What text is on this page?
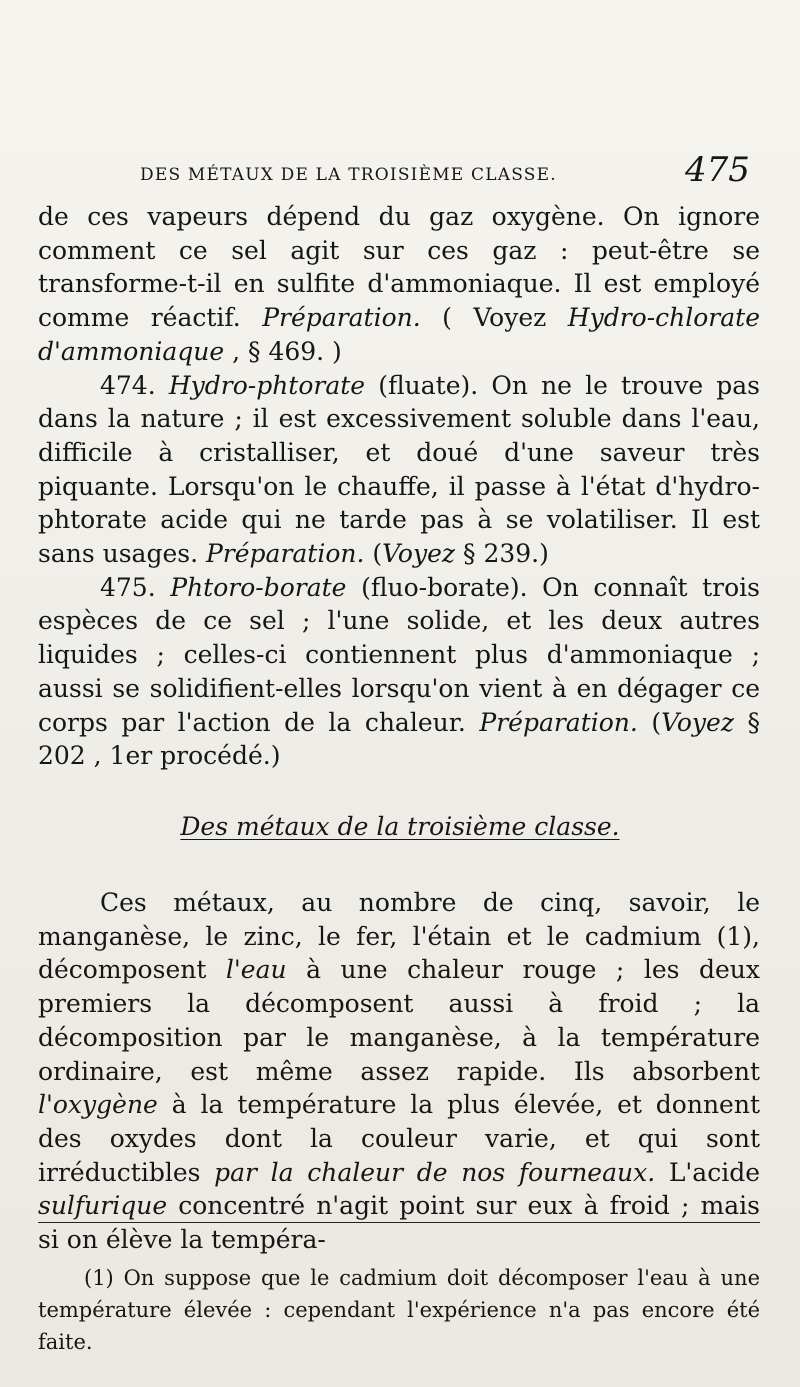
DES MÉTAUX DE LA TROISIÈME CLASSE.	475

de ces vapeurs dépend du gaz oxygène. On ignore comment ce sel agit sur ces gaz : peut-être se transforme-t-il en sulfite d'ammoniaque. Il est employé comme réactif. Préparation. ( Voyez Hydro-chlorate d'ammoniaque , § 469. )

474. Hydro-phtorate (fluate). On ne le trouve pas dans la nature ; il est excessivement soluble dans l'eau, difficile à cristalliser, et doué d'une saveur très piquante. Lorsqu'on le chauffe, il passe à l'état d'hydro-phtorate acide qui ne tarde pas à se volatiliser. Il est sans usages. Préparation. (Voyez § 239.)

475. Phtoro-borate (fluo-borate). On connaît trois espèces de ce sel ; l'une solide, et les deux autres liquides ; celles-ci contiennent plus d'ammoniaque ; aussi se solidifient-elles lorsqu'on vient à en dégager ce corps par l'action de la chaleur. Préparation. (Voyez § 202 , 1er procédé.)

Des métaux de la troisième classe.

Ces métaux, au nombre de cinq, savoir, le manganèse, le zinc, le fer, l'étain et le cadmium (1), décomposent l'eau à une chaleur rouge ; les deux premiers la décomposent aussi à froid ; la décomposition par le manganèse, à la température ordinaire, est même assez rapide. Ils absorbent l'oxygène à la température la plus élevée, et donnent des oxydes dont la couleur varie, et qui sont irréductibles par la chaleur de nos fourneaux. L'acide sulfurique concentré n'agit point sur eux à froid ; mais si on élève la tempéra-

(1) On suppose que le cadmium doit décomposer l'eau à une température élevée : cependant l'expérience n'a pas encore été faite.
